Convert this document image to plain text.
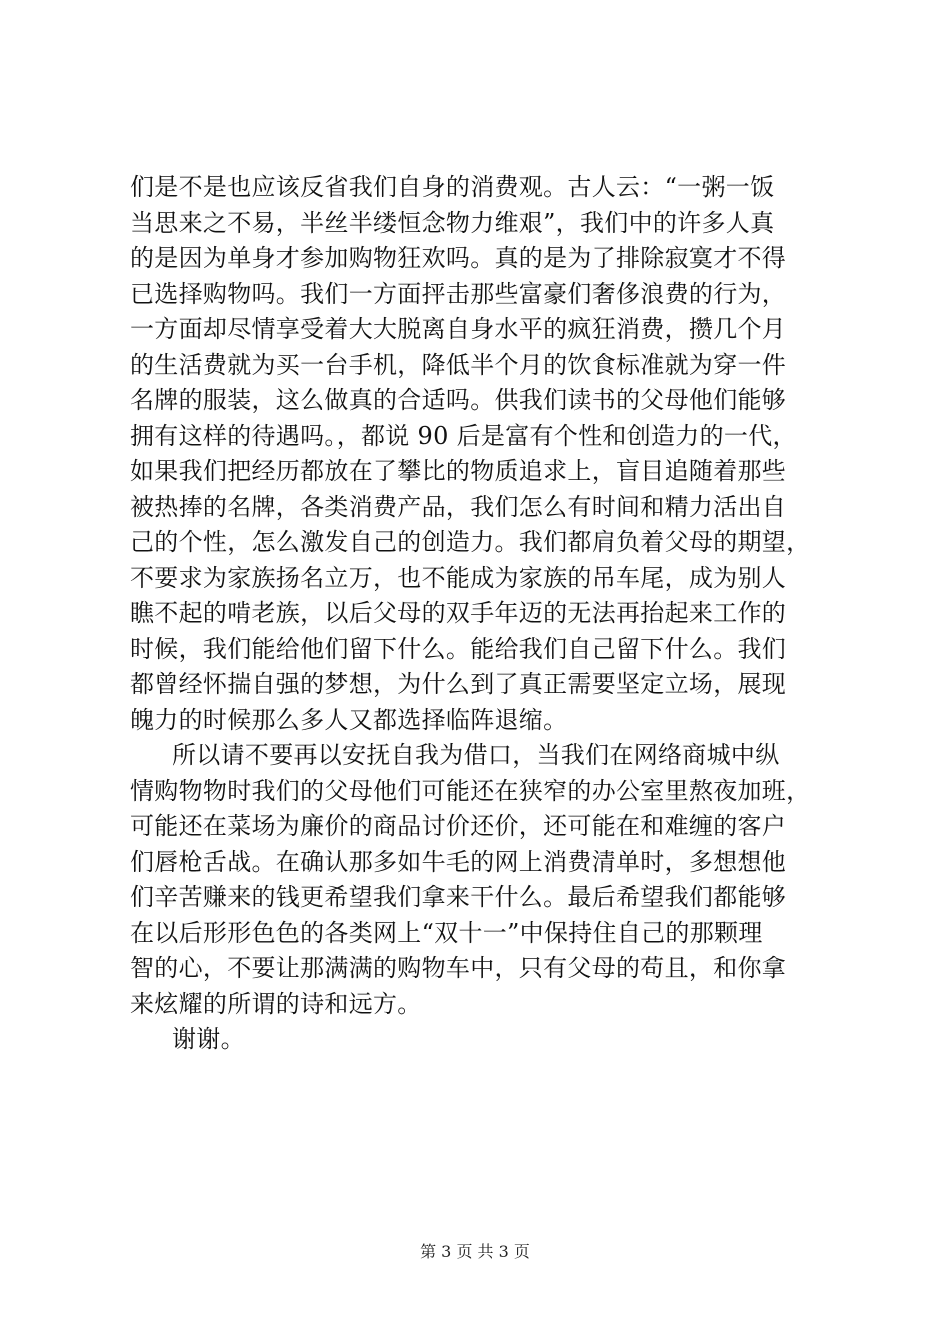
们是不是也应该反省我们自身的消费观。古人云：“一粥一饭
当思来之不易，半丝半缕恒念物力维艰”，我们中的许多人真
的是因为单身才参加购物狂欢吗。真的是为了排除寂寞才不得
已选择购物吗。我们一方面抨击那些富豪们奢侈浪费的行为，
一方面却尽情享受着大大脱离自身水平的疯狂消费，攒几个月
的生活费就为买一台手机，降低半个月的饮食标准就为穿一件
名牌的服装，这么做真的合适吗。供我们读书的父母他们能够
拥有这样的待遇吗。，都说 90 后是富有个性和创造力的一代，
如果我们把经历都放在了攀比的物质追求上，盲目追随着那些
被热捧的名牌，各类消费产品，我们怎么有时间和精力活出自
己的个性，怎么激发自己的创造力。我们都肩负着父母的期望，
不要求为家族扬名立万，也不能成为家族的吊车尾，成为别人
瞧不起的啃老族，以后父母的双手年迈的无法再抬起来工作的
时候，我们能给他们留下什么。能给我们自己留下什么。我们
都曾经怀揣自强的梦想，为什么到了真正需要坚定立场，展现
魄力的时候那么多人又都选择临阵退缩。
所以请不要再以安抚自我为借口，当我们在网络商城中纵
情购物物时我们的父母他们可能还在狭窄的办公室里熬夜加班，
可能还在菜场为廉价的商品讨价还价，还可能在和难缠的客户
们唇枪舌战。在确认那多如牛毛的网上消费清单时，多想想他
们辛苦赚来的钱更希望我们拿来干什么。最后希望我们都能够
在以后形形色色的各类网上“双十一”中保持住自己的那颗理
智的心，不要让那满满的购物车中，只有父母的苟且，和你拿
来炫耀的所谓的诗和远方。
谢谢。
第 3 页 共 3 页
